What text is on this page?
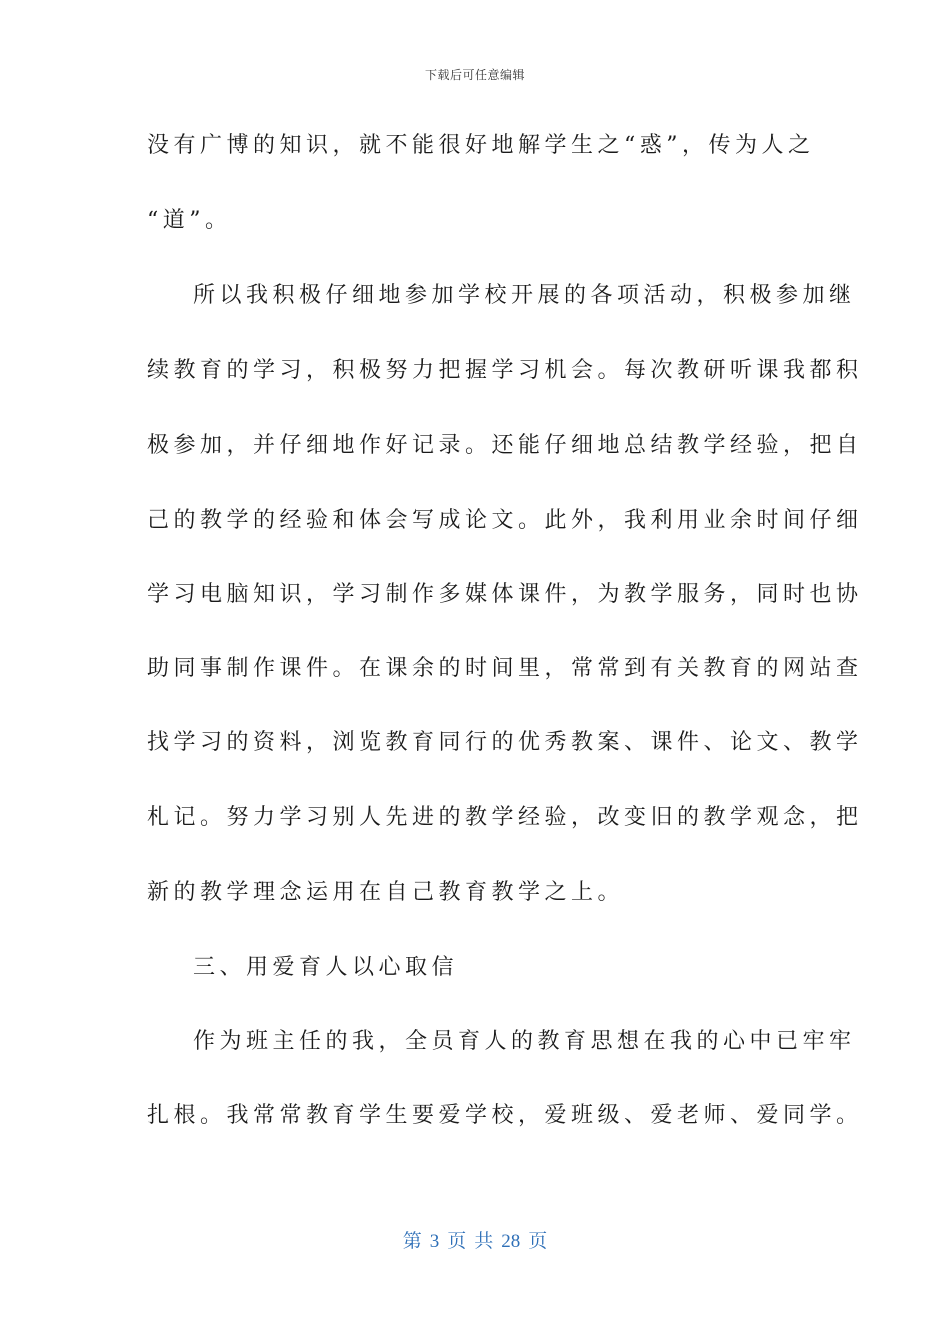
下载后可任意编辑
没有广博的知识，就不能很好地解学生之“惑”，传为人之
“道”。
所以我积极仔细地参加学校开展的各项活动，积极参加继
续教育的学习，积极努力把握学习机会。每次教研听课我都积
极参加，并仔细地作好记录。还能仔细地总结教学经验，把自
己的教学的经验和体会写成论文。此外，我利用业余时间仔细
学习电脑知识，学习制作多媒体课件，为教学服务，同时也协
助同事制作课件。在课余的时间里，常常到有关教育的网站查
找学习的资料，浏览教育同行的优秀教案、课件、论文、教学
札记。努力学习别人先进的教学经验，改变旧的教学观念，把
新的教学理念运用在自己教育教学之上。
三、用爱育人以心取信
作为班主任的我，全员育人的教育思想在我的心中已牢牢
扎根。我常常教育学生要爱学校，爱班级、爱老师、爱同学。
第 3 页 共 28 页
